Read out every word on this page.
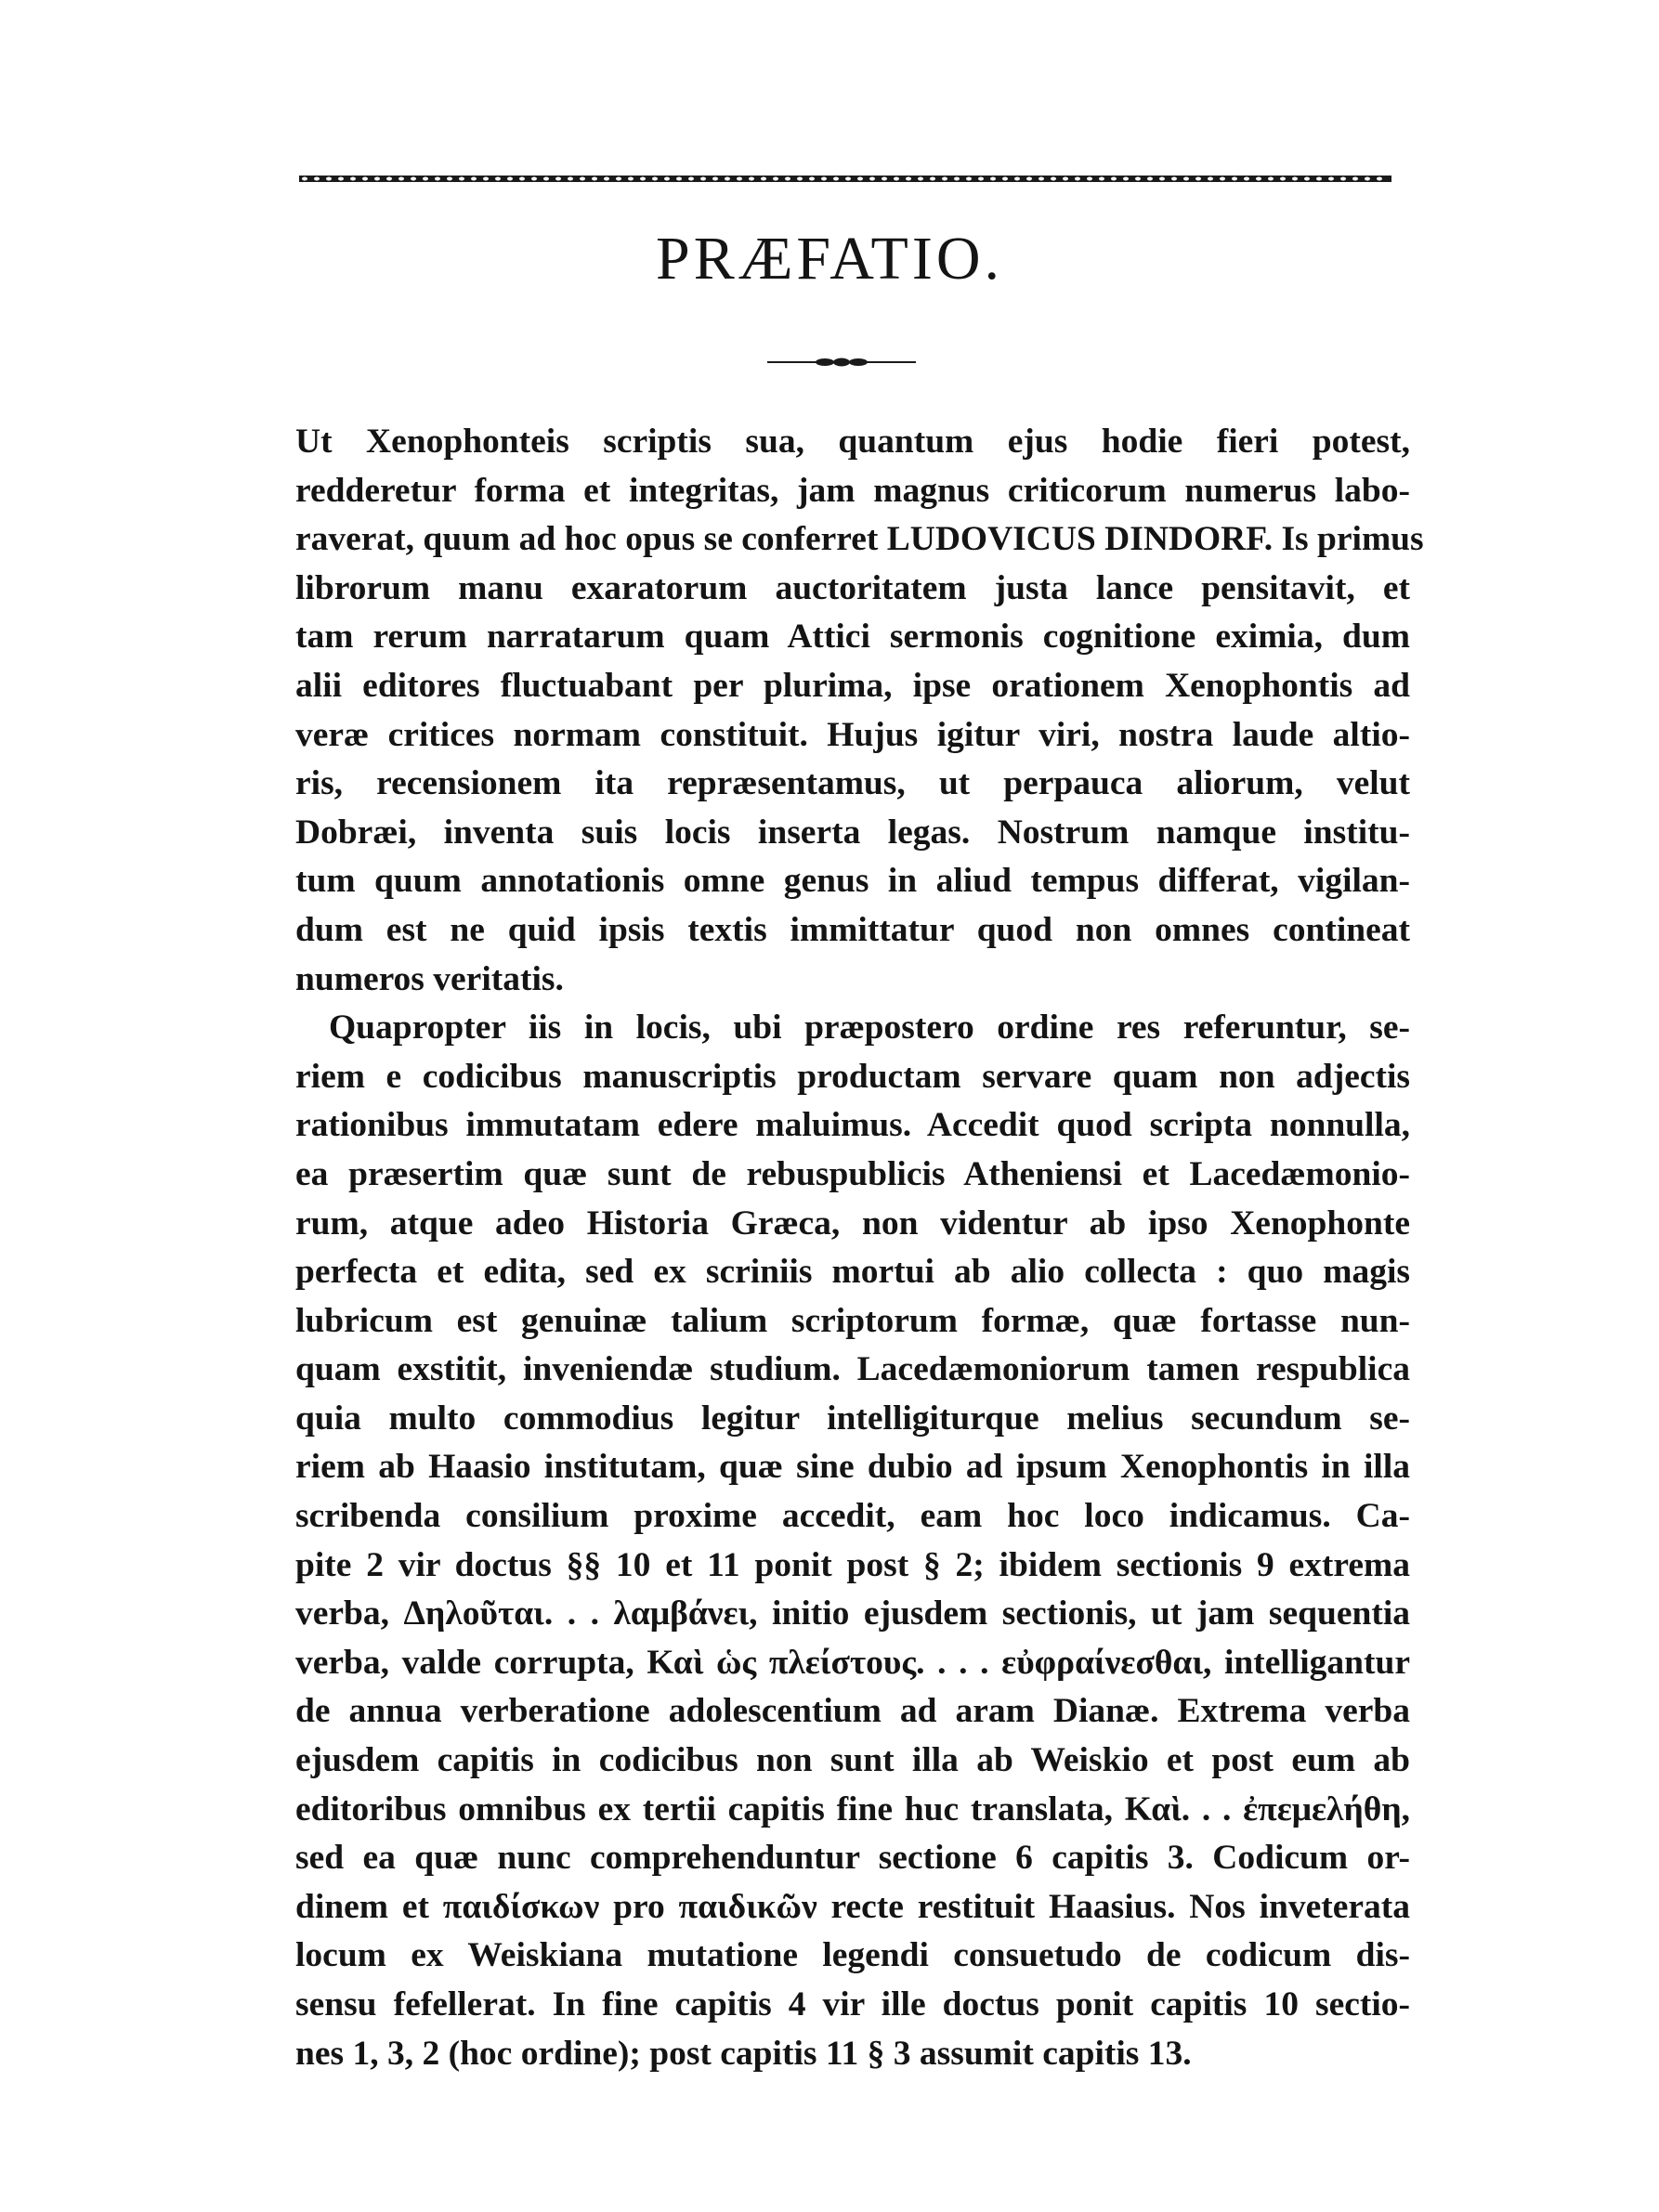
PRÆFATIO.
Ut Xenophonteis scriptis sua, quantum ejus hodie fieri potest,
redderetur forma et integritas, jam magnus criticorum numerus labo-
raverat, quum ad hoc opus se conferret LUDOVICUS DINDORF. Is primus
librorum manu exaratorum auctoritatem justa lance pensitavit, et
tam rerum narratarum quam Attici sermonis cognitione eximia, dum
alii editores fluctuabant per plurima, ipse orationem Xenophontis ad
veræ critices normam constituit. Hujus igitur viri, nostra laude altio-
ris, recensionem ita repræsentamus, ut perpauca aliorum, velut
Dobræi, inventa suis locis inserta legas. Nostrum namque institu-
tum quum annotationis omne genus in aliud tempus differat, vigilan-
dum est ne quid ipsis textis immittatur quod non omnes contineat
numeros veritatis.
Quapropter iis in locis, ubi præpostero ordine res referuntur, se-
riem e codicibus manuscriptis productam servare quam non adjectis
rationibus immutatam edere maluimus. Accedit quod scripta nonnulla,
ea præsertim quæ sunt de rebuspublicis Atheniensi et Lacedæmonio-
rum, atque adeo Historia Græca, non videntur ab ipso Xenophonte
perfecta et edita, sed ex scriniis mortui ab alio collecta : quo magis
lubricum est genuinæ talium scriptorum formæ, quæ fortasse nun-
quam exstitit, inveniendæ studium. Lacedæmoniorum tamen respublica
quia multo commodius legitur intelligiturque melius secundum se-
riem ab Haasio institutam, quæ sine dubio ad ipsum Xenophontis in illa
scribenda consilium proxime accedit, eam hoc loco indicamus. Ca-
pite 2 vir doctus §§ 10 et 11 ponit post § 2; ibidem sectionis 9 extrema
verba, Δηλοῦται. . . λαμβάνει, initio ejusdem sectionis, ut jam sequentia
verba, valde corrupta, Καὶ ὡς πλείστους. . . . εὐφραίνεσθαι, intelligantur
de annua verberatione adolescentium ad aram Dianæ. Extrema verba
ejusdem capitis in codicibus non sunt illa ab Weiskio et post eum ab
editoribus omnibus ex tertii capitis fine huc translata, Καὶ. . . ἐπεμελήθη,
sed ea quæ nunc comprehenduntur sectione 6 capitis 3. Codicum or-
dinem et παιδίσκων pro παιδικῶν recte restituit Haasius. Nos inveterata
locum ex Weiskiana mutatione legendi consuetudo de codicum dis-
sensu fefellerat. In fine capitis 4 vir ille doctus ponit capitis 10 sectio-
nes 1, 3, 2 (hoc ordine); post capitis 11 § 3 assumit capitis 13.
